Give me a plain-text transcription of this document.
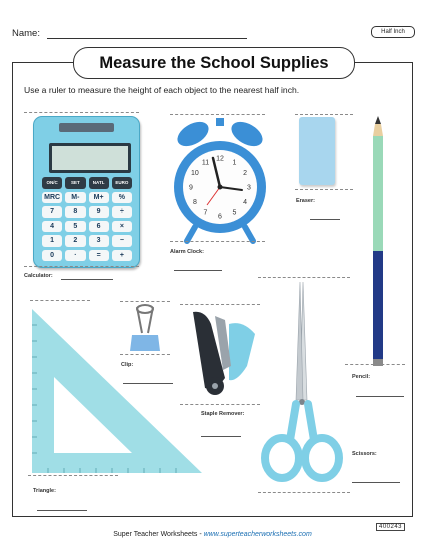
Name:	Half Inch
Measure the School Supplies
Use a ruler to measure the height of each object to the nearest half inch.
ON/C	SET	NATL	EURO
MRC	M-	M+	%
7	8	9	÷
4	5	6	×
1	2	3	−
0	·	=	+
Calculator:
12
1
2
3
4
5
6
7
8
9
10
11
Alarm Clock:
Eraser:
Pencil:
Clip:
Staple Remover:
Triangle:
Scissors:
Super Teacher Worksheets - www.superteacherworksheets.com
400243
